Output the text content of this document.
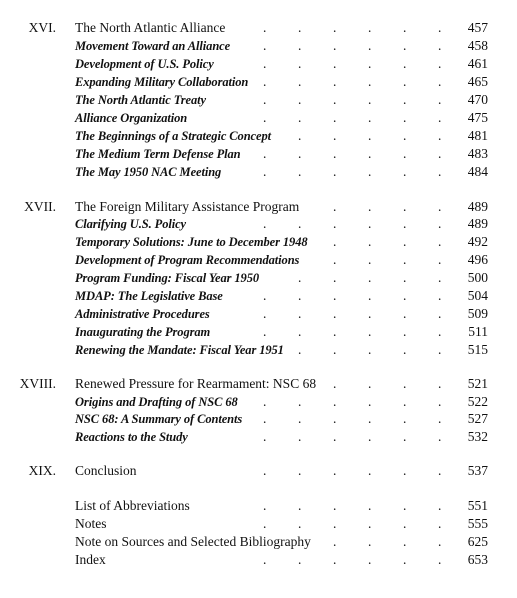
XVI. The North Atlantic Alliance	. . . . . .	457
Movement Toward an Alliance . . . . . .	458
Development of U.S. Policy	. . . . . .	461
Expanding Military Collaboration . . . . . .	465
The North Atlantic Treaty	. . . . . .	470
Alliance Organization	. . . . . .	475
The Beginnings of a Strategic Concept . . . . .	481
The Medium Term Defense Plan . . . . . .	483
The May 1950 NAC Meeting	. . . . . .	484
XVII. The Foreign Military Assistance Program	. . . .	489
Clarifying U.S. Policy	. . . . . .	489
Temporary Solutions: June to December 1948 . . . .	492
Development of Program Recommendations . . . .	496
Program Funding: Fiscal Year 1950	. . . . .	500
MDAP: The Legislative Base	. . . . . .	504
Administrative Procedures	. . . . . .	509
Inaugurating the Program	. . . . . .	511
Renewing the Mandate: Fiscal Year 1951 . . . . .	515
XVIII. Renewed Pressure for Rearmament: NSC 68 . . . .	521
Origins and Drafting of NSC 68 . . . . . .	522
NSC 68: A Summary of Contents . . . . . .	527
Reactions to the Study	. . . . . .	532
XIX. Conclusion	. . . . . .	537
List of Abbreviations	. . . . . .	551
Notes	. . . . . .	555
Note on Sources and Selected Bibliography . . . .	625
Index	. . . . . .	653
